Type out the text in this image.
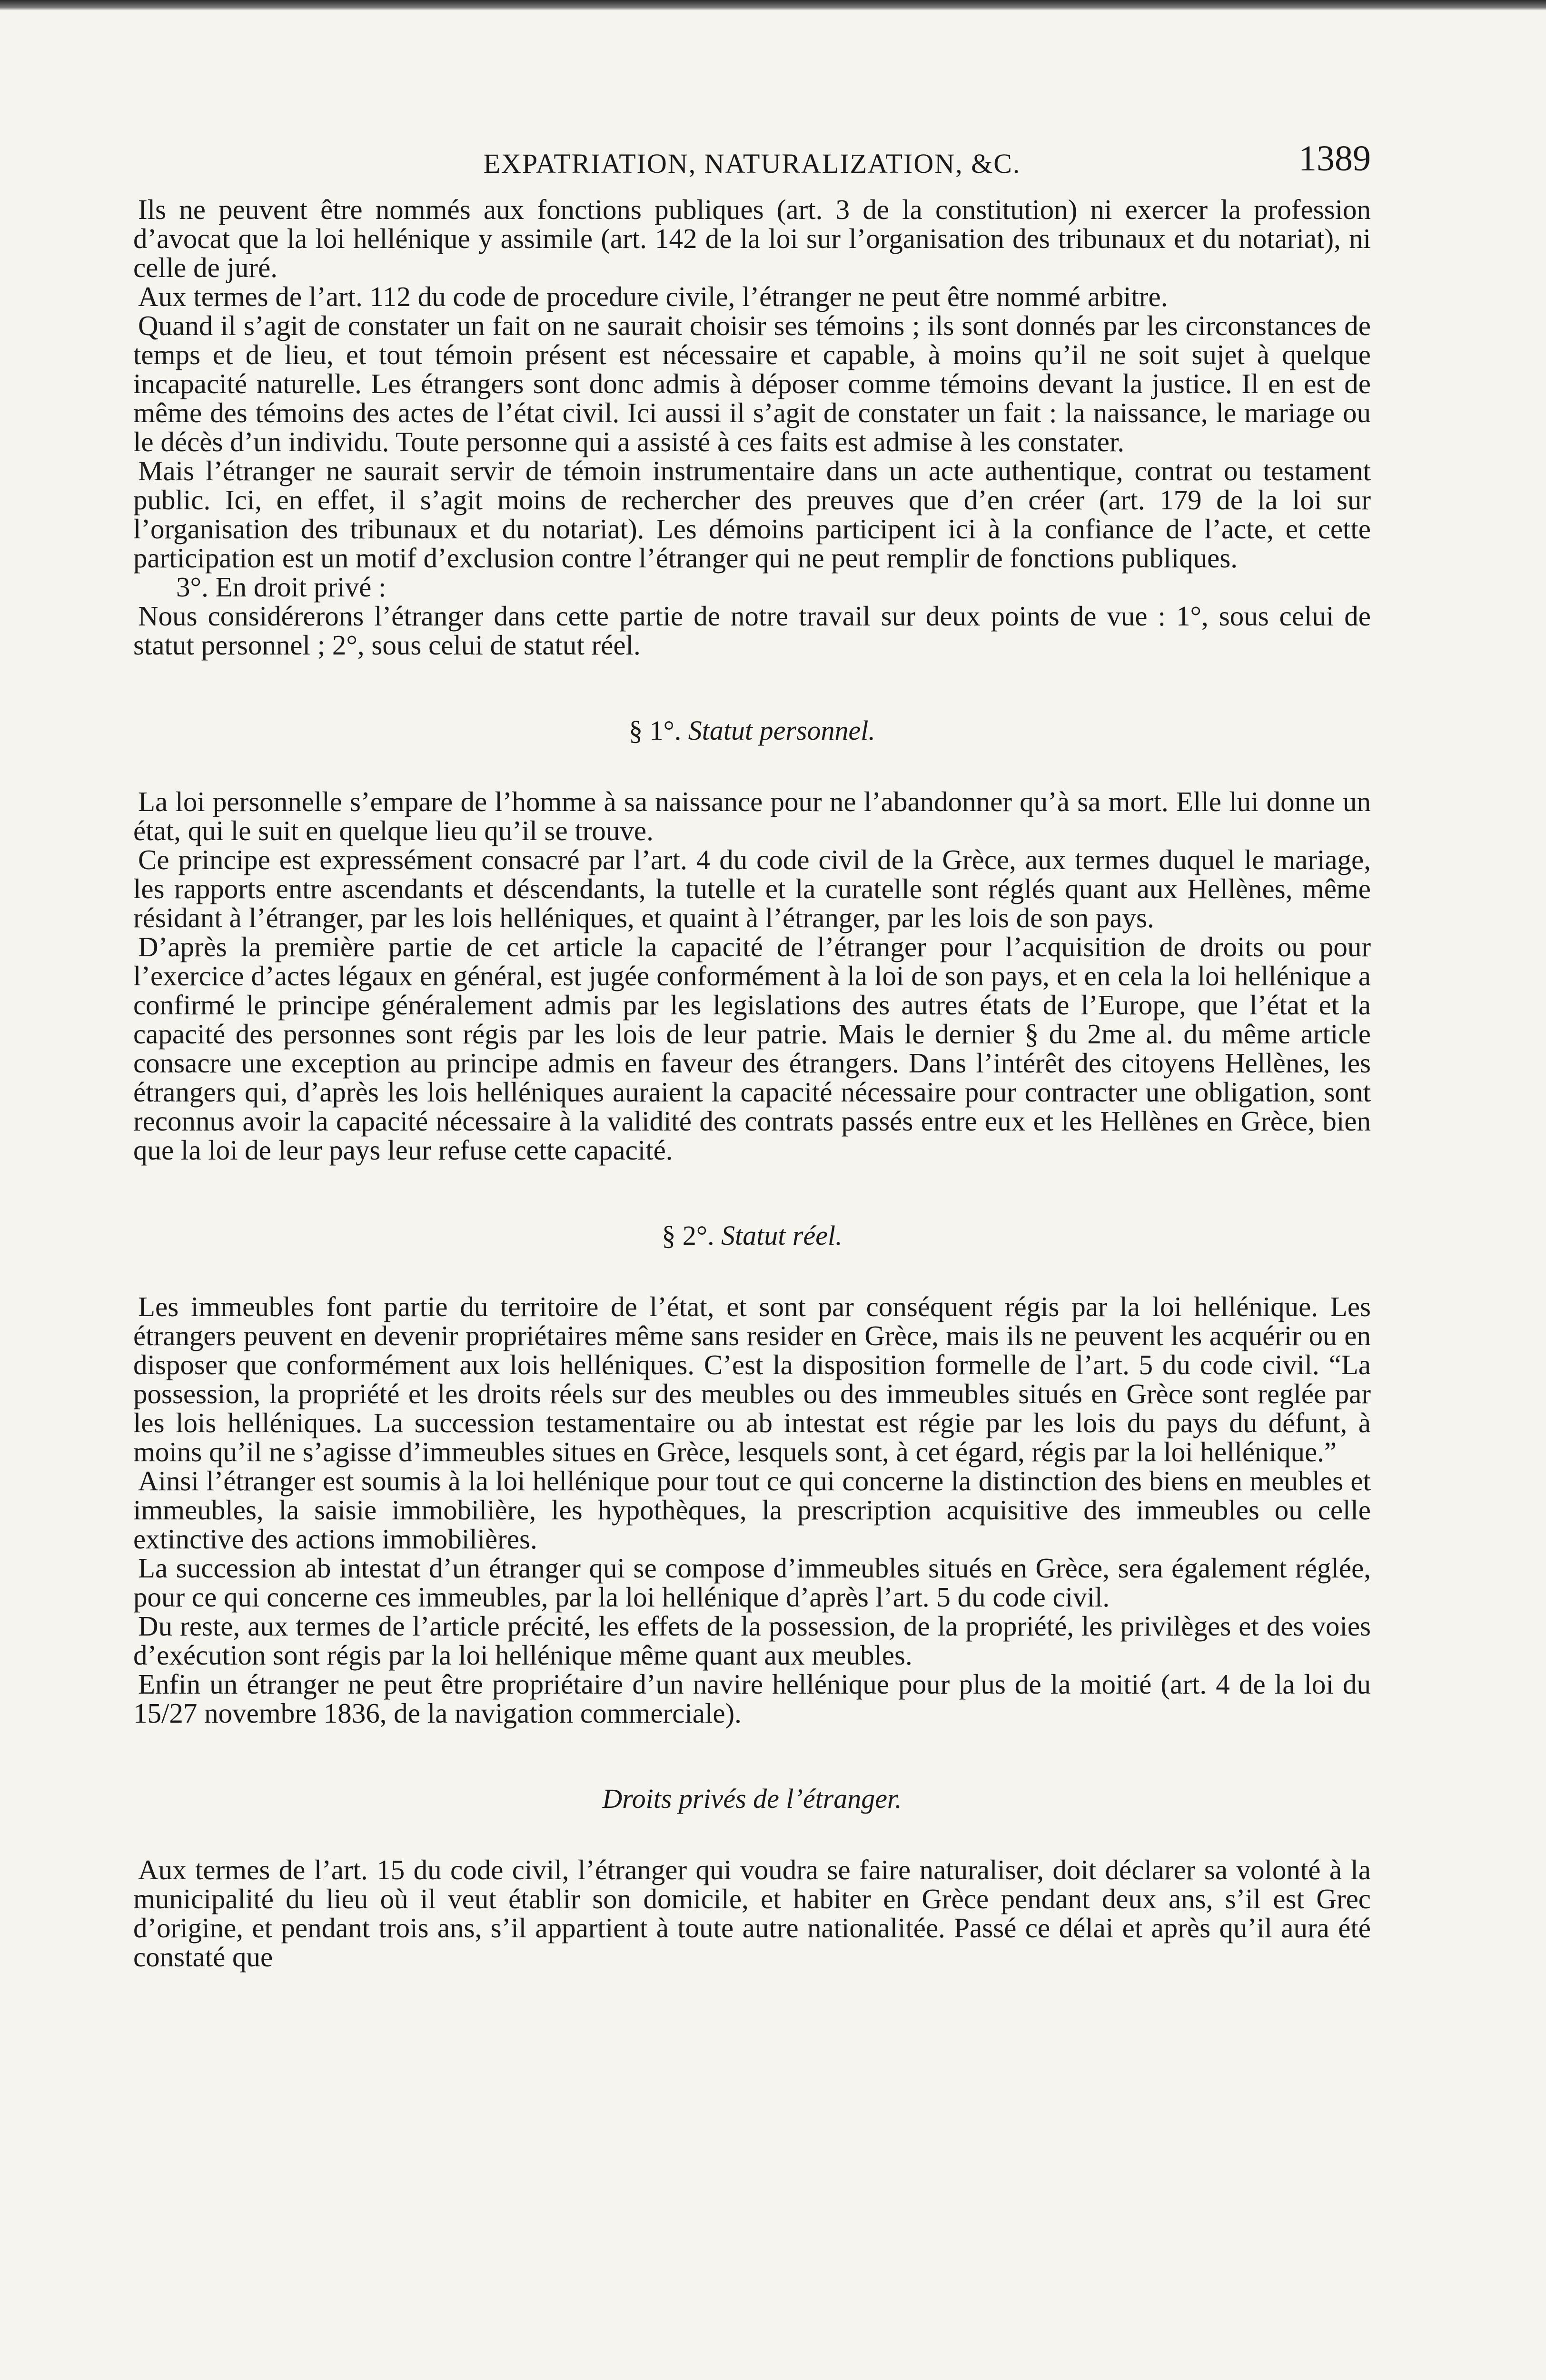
EXPATRIATION, NATURALIZATION, &C.	1389

Ils ne peuvent être nommés aux fonctions publiques (art. 3 de la constitution) ni exercer la profession d’avocat que la loi hellénique y assimile (art. 142 de la loi sur l’organisation des tribunaux et du notariat), ni celle de juré.

Aux termes de l’art. 112 du code de procedure civile, l’étranger ne peut être nommé arbitre.

Quand il s’agit de constater un fait on ne saurait choisir ses témoins ; ils sont donnés par les circonstances de temps et de lieu, et tout témoin présent est nécessaire et capable, à moins qu’il ne soit sujet à quelque incapacité naturelle. Les étrangers sont donc admis à déposer comme témoins devant la justice. Il en est de même des témoins des actes de l’état civil. Ici aussi il s’agit de constater un fait : la naissance, le mariage ou le décès d’un individu. Toute personne qui a assisté à ces faits est admise à les constater.

Mais l’étranger ne saurait servir de témoin instrumentaire dans un acte authentique, contrat ou testament public. Ici, en effet, il s’agit moins de rechercher des preuves que d’en créer (art. 179 de la loi sur l’organisation des tribunaux et du notariat). Les démoins participent ici à la confiance de l’acte, et cette participation est un motif d’exclusion contre l’étranger qui ne peut remplir de fonctions publiques.

3°. En droit privé :

Nous considérerons l’étranger dans cette partie de notre travail sur deux points de vue : 1°, sous celui de statut personnel ; 2°, sous celui de statut réel.

§ 1°. Statut personnel.

La loi personnelle s’empare de l’homme à sa naissance pour ne l’abandonner qu’à sa mort. Elle lui donne un état, qui le suit en quelque lieu qu’il se trouve.

Ce principe est expressément consacré par l’art. 4 du code civil de la Grèce, aux termes duquel le mariage, les rapports entre ascendants et déscendants, la tutelle et la curatelle sont réglés quant aux Hellènes, même résidant à l’étranger, par les lois helléniques, et quaint à l’étranger, par les lois de son pays.

D’après la première partie de cet article la capacité de l’étranger pour l’acquisition de droits ou pour l’exercice d’actes légaux en général, est jugée conformément à la loi de son pays, et en cela la loi hellénique a confirmé le principe généralement admis par les legislations des autres états de l’Europe, que l’état et la capacité des personnes sont régis par les lois de leur patrie. Mais le dernier § du 2me al. du même article consacre une exception au principe admis en faveur des étrangers. Dans l’intérêt des citoyens Hellènes, les étrangers qui, d’après les lois helléniques auraient la capacité nécessaire pour contracter une obligation, sont reconnus avoir la capacité nécessaire à la validité des contrats passés entre eux et les Hellènes en Grèce, bien que la loi de leur pays leur refuse cette capacité.

§ 2°. Statut réel.

Les immeubles font partie du territoire de l’état, et sont par conséquent régis par la loi hellénique. Les étrangers peuvent en devenir propriétaires même sans resider en Grèce, mais ils ne peuvent les acquérir ou en disposer que conformément aux lois helléniques. C’est la disposition formelle de l’art. 5 du code civil. “La possession, la propriété et les droits réels sur des meubles ou des immeubles situés en Grèce sont reglée par les lois helléniques. La succession testamentaire ou ab intestat est régie par les lois du pays du défunt, à moins qu’il ne s’agisse d’immeubles situes en Grèce, lesquels sont, à cet égard, régis par la loi hellénique.”

Ainsi l’étranger est soumis à la loi hellénique pour tout ce qui concerne la distinction des biens en meubles et immeubles, la saisie immobilière, les hypothèques, la prescription acquisitive des immeubles ou celle extinctive des actions immobilières.

La succession ab intestat d’un étranger qui se compose d’immeubles situés en Grèce, sera également réglée, pour ce qui concerne ces immeubles, par la loi hellénique d’après l’art. 5 du code civil.

Du reste, aux termes de l’article précité, les effets de la possession, de la propriété, les privilèges et des voies d’exécution sont régis par la loi hellénique même quant aux meubles.

Enfin un étranger ne peut être propriétaire d’un navire hellénique pour plus de la moitié (art. 4 de la loi du 15/27 novembre 1836, de la navigation commerciale).

Droits privés de l’étranger.

Aux termes de l’art. 15 du code civil, l’étranger qui voudra se faire naturaliser, doit déclarer sa volonté à la municipalité du lieu où il veut établir son domicile, et habiter en Grèce pendant deux ans, s’il est Grec d’origine, et pendant trois ans, s’il appartient à toute autre nationalitée. Passé ce délai et après qu’il aura été constaté que
